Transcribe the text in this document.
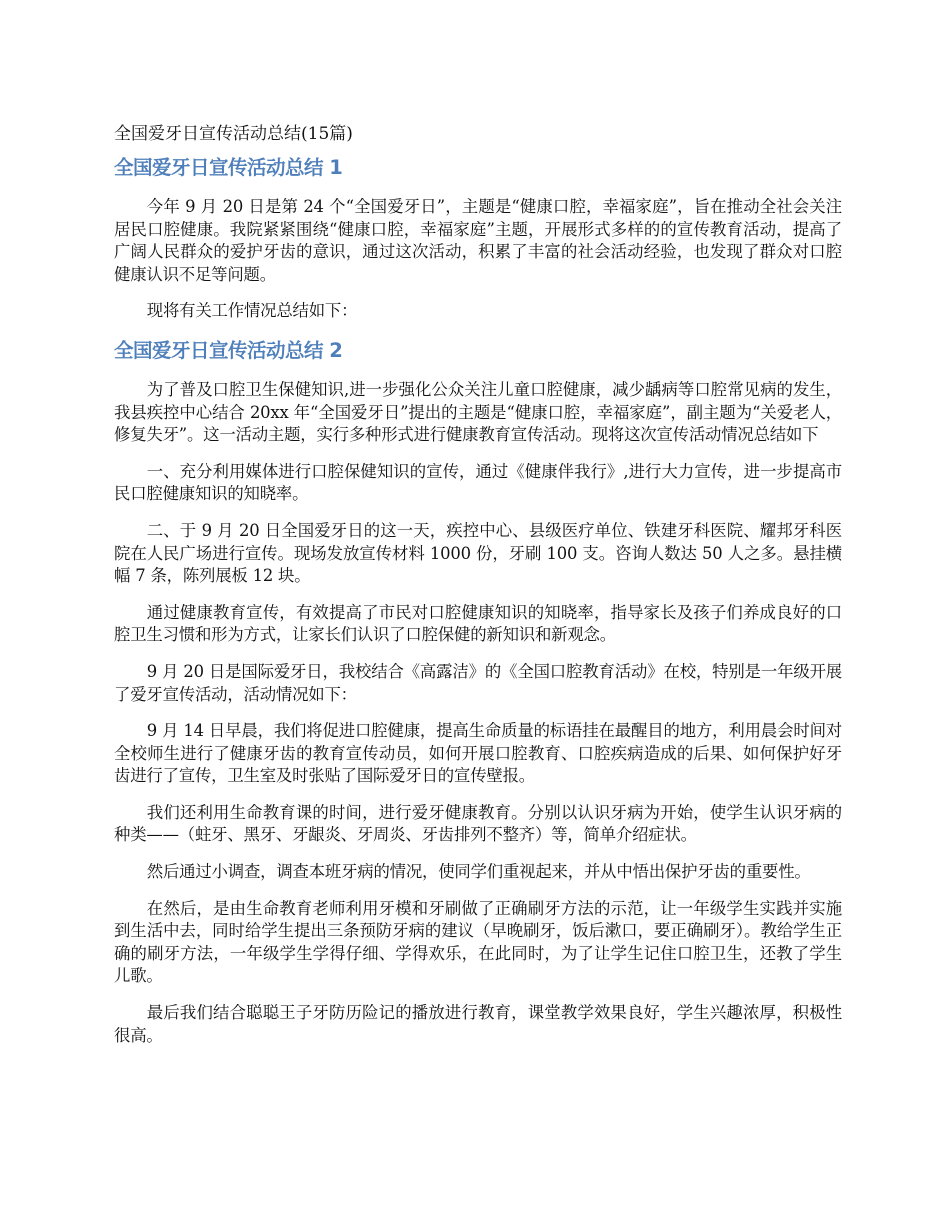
全国爱牙日宣传活动总结(15篇)
全国爱牙日宣传活动总结 1

今年 9 月 20 日是第 24 个“全国爱牙日”，主题是“健康口腔，幸福家庭”，旨在推动全社会关注居民口腔健康。我院紧紧围绕“健康口腔，幸福家庭”主题，开展形式多样的的宣传教育活动，提高了广阔人民群众的爱护牙齿的意识，通过这次活动，积累了丰富的社会活动经验，也发现了群众对口腔健康认识不足等问题。

现将有关工作情况总结如下：

全国爱牙日宣传活动总结 2

为了普及口腔卫生保健知识,进一步强化公众关注儿童口腔健康，减少龋病等口腔常见病的发生，我县疾控中心结合 20xx 年“全国爱牙日”提出的主题是“健康口腔，幸福家庭”，副主题为“关爱老人，修复失牙”。这一活动主题，实行多种形式进行健康教育宣传活动。现将这次宣传活动情况总结如下

一、充分利用媒体进行口腔保健知识的宣传，通过《健康伴我行》,进行大力宣传，进一步提高市民口腔健康知识的知晓率。

二、于 9 月 20 日全国爱牙日的这一天，疾控中心、县级医疗单位、铁建牙科医院、耀邦牙科医院在人民广场进行宣传。现场发放宣传材料 1000 份，牙刷 100 支。咨询人数达 50 人之多。悬挂横幅 7 条，陈列展板 12 块。

通过健康教育宣传，有效提高了市民对口腔健康知识的知晓率，指导家长及孩子们养成良好的口腔卫生习惯和形为方式，让家长们认识了口腔保健的新知识和新观念。

9 月 20 日是国际爱牙日，我校结合《高露洁》的《全国口腔教育活动》在校，特别是一年级开展了爱牙宣传活动，活动情况如下：

9 月 14 日早晨，我们将促进口腔健康，提高生命质量的标语挂在最醒目的地方，利用晨会时间对全校师生进行了健康牙齿的教育宣传动员，如何开展口腔教育、口腔疾病造成的后果、如何保护好牙齿进行了宣传，卫生室及时张贴了国际爱牙日的宣传壁报。

我们还利用生命教育课的时间，进行爱牙健康教育。分别以认识牙病为开始，使学生认识牙病的种类——（蛀牙、黑牙、牙龈炎、牙周炎、牙齿排列不整齐）等，简单介绍症状。

然后通过小调查，调查本班牙病的情况，使同学们重视起来，并从中悟出保护牙齿的重要性。

在然后，是由生命教育老师利用牙模和牙刷做了正确刷牙方法的示范，让一年级学生实践并实施到生活中去，同时给学生提出三条预防牙病的建议（早晚刷牙，饭后漱口，要正确刷牙）。教给学生正确的刷牙方法，一年级学生学得仔细、学得欢乐，在此同时，为了让学生记住口腔卫生，还教了学生儿歌。

最后我们结合聪聪王子牙防历险记的播放进行教育，课堂教学效果良好，学生兴趣浓厚，积极性很高。
